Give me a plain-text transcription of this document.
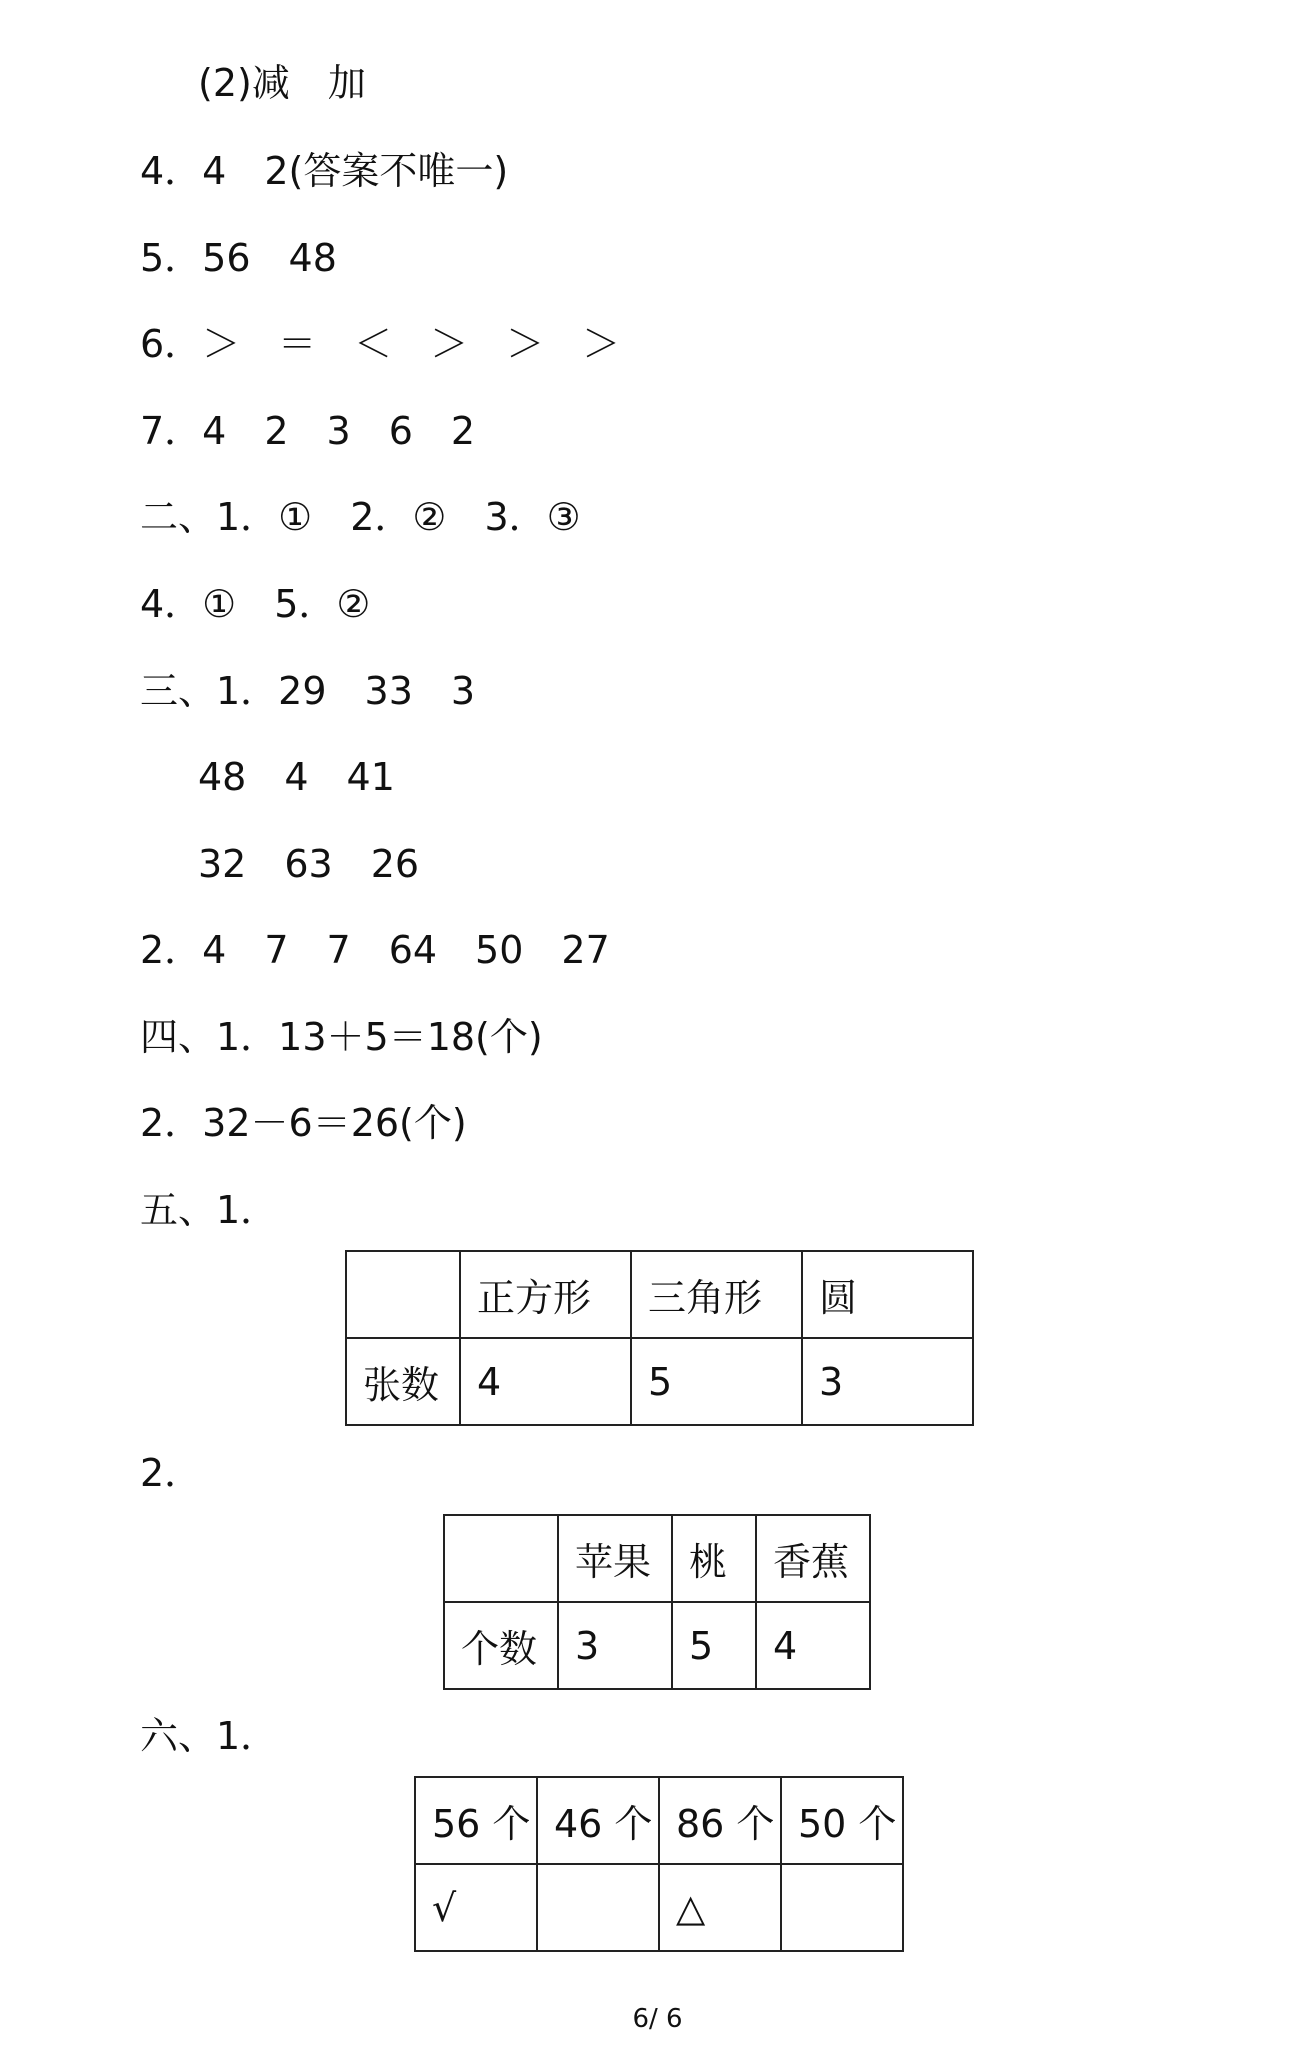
(2)减　加
4．4　2(答案不唯一)
5．56　48
6．＞　＝　＜　＞　＞　＞
7．4　2　3　6　2
二、1．①　2．②　3．③
4．①　5．②
三、1．29　33　3
48　4　41
32　63　26
2．4　7　7　64　50　27
四、1．13＋5＝18(个)
2．32－6＝26(个)
五、1．
	正方形	三角形	圆
张数	4	5	3
2．
	苹果	桃	香蕉
个数	3	5	4
六、1．
56 个	46 个	86 个	50 个
√		△	
6/ 6
